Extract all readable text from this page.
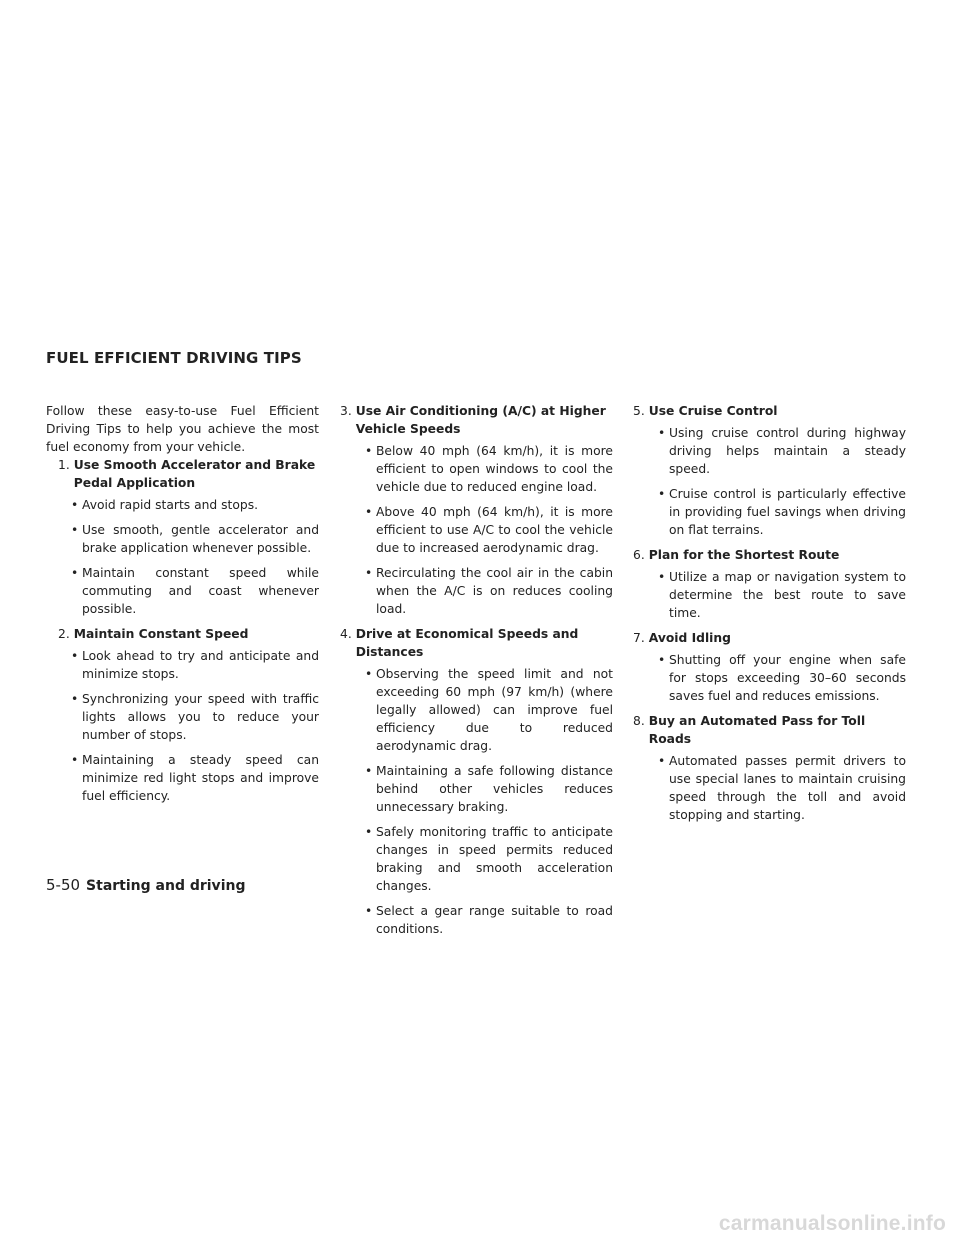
FUEL EFFICIENT DRIVING TIPS

Follow these easy-to-use Fuel Efficient Driving Tips to help you achieve the most fuel economy from your vehicle.

1. Use Smooth Accelerator and Brake Pedal Application
• Avoid rapid starts and stops.
• Use smooth, gentle accelerator and brake application whenever possible.
• Maintain constant speed while commuting and coast whenever possible.
2. Maintain Constant Speed
• Look ahead to try and anticipate and minimize stops.
• Synchronizing your speed with traffic lights allows you to reduce your number of stops.
• Maintaining a steady speed can minimize red light stops and improve fuel efficiency.
3. Use Air Conditioning (A/C) at Higher Vehicle Speeds
• Below 40 mph (64 km/h), it is more efficient to open windows to cool the vehicle due to reduced engine load.
• Above 40 mph (64 km/h), it is more efficient to use A/C to cool the vehicle due to increased aerodynamic drag.
• Recirculating the cool air in the cabin when the A/C is on reduces cooling load.
4. Drive at Economical Speeds and Distances
• Observing the speed limit and not exceeding 60 mph (97 km/h) (where legally allowed) can improve fuel efficiency due to reduced aerodynamic drag.
• Maintaining a safe following distance behind other vehicles reduces unnecessary braking.
• Safely monitoring traffic to anticipate changes in speed permits reduced braking and smooth acceleration changes.
• Select a gear range suitable to road conditions.
5. Use Cruise Control
• Using cruise control during highway driving helps maintain a steady speed.
• Cruise control is particularly effective in providing fuel savings when driving on flat terrains.
6. Plan for the Shortest Route
• Utilize a map or navigation system to determine the best route to save time.
7. Avoid Idling
• Shutting off your engine when safe for stops exceeding 30–60 seconds saves fuel and reduces emissions.
8. Buy an Automated Pass for Toll Roads
• Automated passes permit drivers to use special lanes to maintain cruising speed through the toll and avoid stopping and starting.
5-50 Starting and driving
carmanualsonline.info
